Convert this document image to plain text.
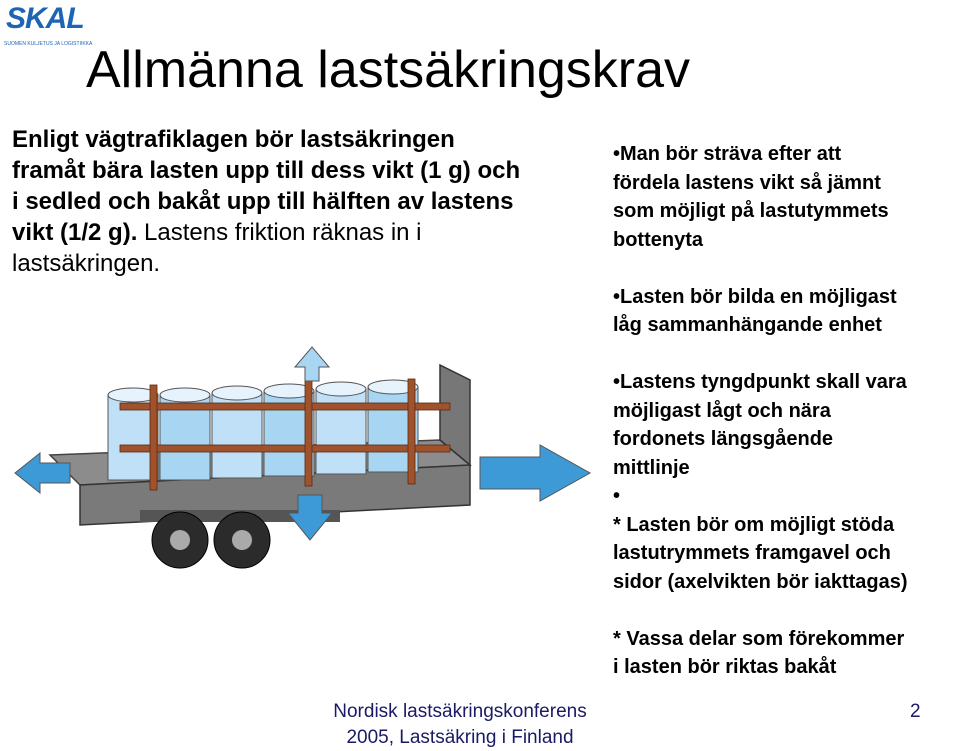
SKAL
SUOMEN KULJETUS JA LOGISTIIKKA
Allmänna lastsäkringskrav
Enligt vägtrafiklagen bör lastsäkringen framåt bära lasten upp till dess vikt (1 g) och i sedled och bakåt upp till hälften av lastens vikt (1/2 g). Lastens friktion räknas in i lastsäkringen.
•Man bör sträva efter att
fördela lastens vikt så jämnt
som möjligt på lastutymmets
bottenyta
•Lasten bör bilda en möjligast
låg sammanhängande enhet
•Lastens tyngdpunkt skall vara
möjligast lågt och nära
fordonets längsgående
mittlinje
•
* Lasten bör om möjligt stöda
lastutrymmets framgavel och
sidor (axelvikten bör iakttagas)
* Vassa delar som förekommer
i lasten bör riktas bakåt
Nordisk lastsäkringskonferens
2005, Lastsäkring i Finland
2
